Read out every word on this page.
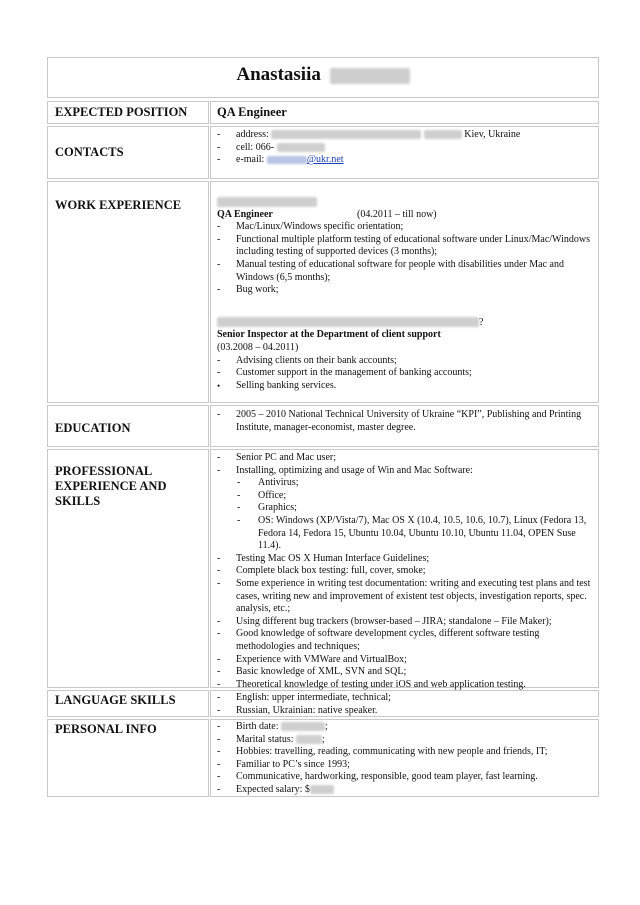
Anastasiia
EXPECTED POSITION QA Engineer
CONTACTS
- address:	Kiev, Ukraine
- cell: 066-
- e-mail:	@ukr.net
WORK EXPERIENCE
QA Engineer	(04.2011 – till now)
- Mac/Linux/Windows specific orientation;
- Functional multiple platform testing of educational software under Linux/Mac/Windows including testing of supported devices (3 months);
- Manual testing of educational software for people with disabilities under Mac and Windows (6,5 months);
- Bug work;
?
Senior Inspector at the Department of client support
(03.2008 – 04.2011)
- Advising clients on their bank accounts;
- Customer support in the management of banking accounts;
• Selling banking services.
EDUCATION
- 2005 – 2010 National Technical University of Ukraine “KPI”, Publishing and Printing Institute, manager-economist, master degree.
PROFESSIONAL EXPERIENCE AND SKILLS
- Senior PC and Mac user;
- Installing, optimizing and usage of Win and Mac Software:
- Antivirus;
- Office;
- Graphics;
- OS: Windows (XP/Vista/7), Mac OS X (10.4, 10.5, 10.6, 10.7), Linux (Fedora 13, Fedora 14, Fedora 15, Ubuntu 10.04, Ubuntu 10.10, Ubuntu 11.04, OPEN Suse 11.4).
- Testing Mac OS X Human Interface Guidelines;
- Complete black box testing: full, cover, smoke;
- Some experience in writing test documentation: writing and executing test plans and test cases, writing new and improvement of existent test objects, investigation reports, spec. analysis, etc.;
- Using different bug trackers (browser-based – JIRA; standalone – File Maker);
- Good knowledge of software development cycles, different software testing methodologies and techniques;
- Experience with VMWare and VirtualBox;
- Basic knowledge of XML, SVN and SQL;
- Theoretical knowledge of testing under iOS and web application testing.
LANGUAGE SKILLS	- English: upper intermediate, technical;
- Russian, Ukrainian: native speaker.
PERSONAL INFO	- Birth date:	;
- Marital status:	;
- Hobbies: travelling, reading, communicating with new people and friends, IT;
- Familiar to PC’s since 1993;
- Communicative, hardworking, responsible, good team player, fast learning.
- Expected salary: $
